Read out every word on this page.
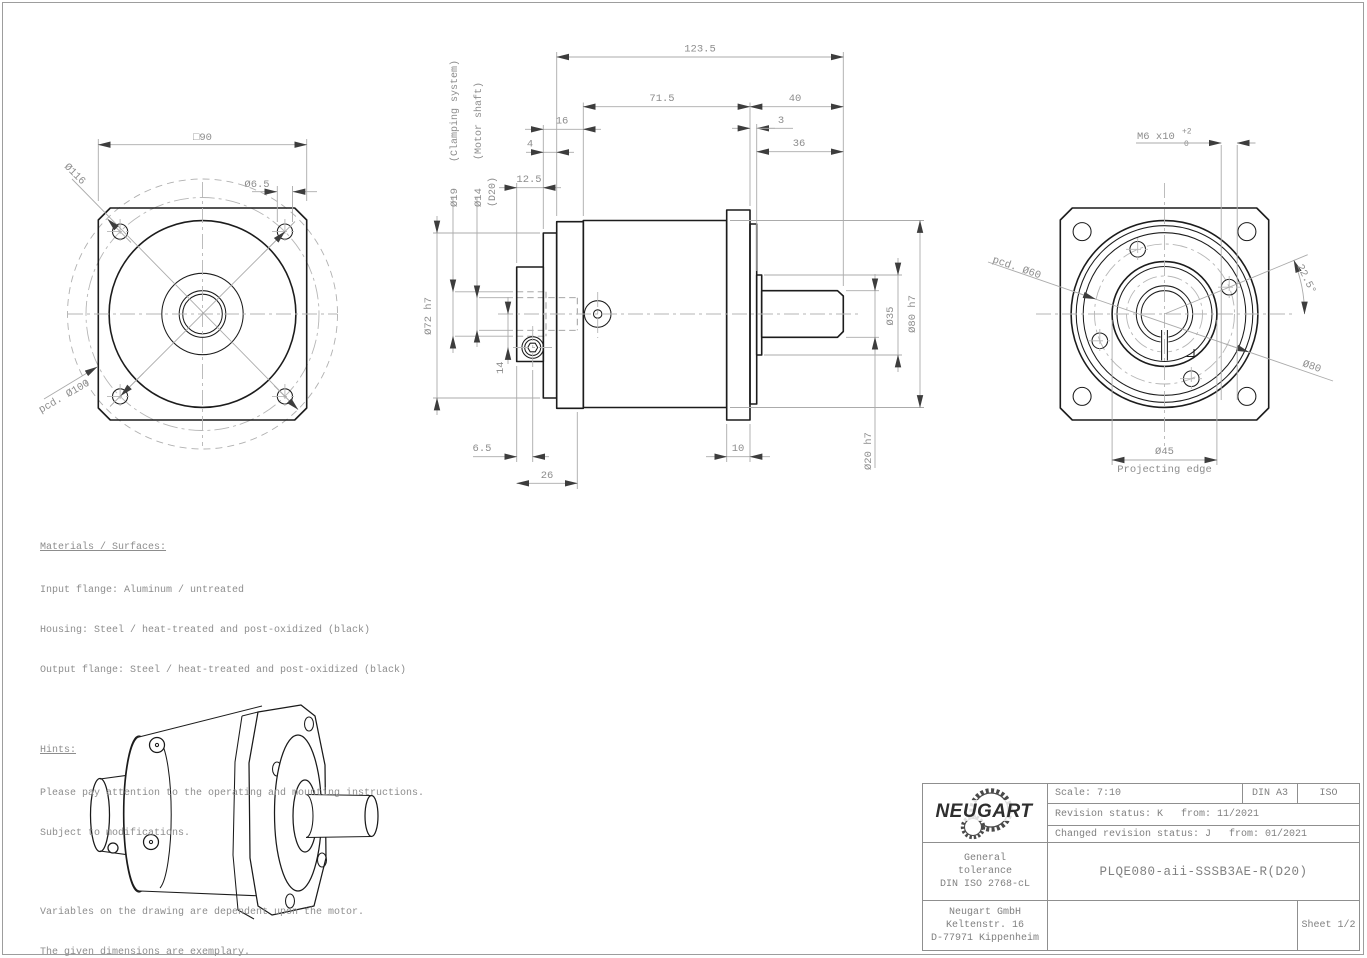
□90
Ø116
pcd. Ø100
Ø6.5
123.5
71.5	40
16
4
12.5
3
36
6.5
26
10
14
Ø72 h7
Ø19
(Clamping system)
Ø14 (D20)
(Motor shaft)
Ø20 h7
Ø35 Ø80 h7
22.5°
pcd. Ø60
Ø80
M6 x10 +2
0
Ø45
Projecting edge

Materials / Surfaces:

Input flange: Aluminum / untreated

Housing: Steel / heat-treated and post-oxidized (black)

Output flange: Steel / heat-treated and post-oxidized (black)

Hints:

Please pay attention to the operating and mounting instructions.

Subject to modifications.

Variables on the drawing are dependent upon the motor.

The given dimensions are exemplary.

NEUGART
Scale: 7:10	DIN A3	ISO
Revision status: K   from: 11/2021
Changed revision status: J   from: 01/2021
General
tolerance
DIN ISO 2768-cL
PLQE080-aii-SSSB3AE-R(D20)
Neugart GmbH
Keltenstr. 16
D-77971 Kippenheim
Sheet 1/2
